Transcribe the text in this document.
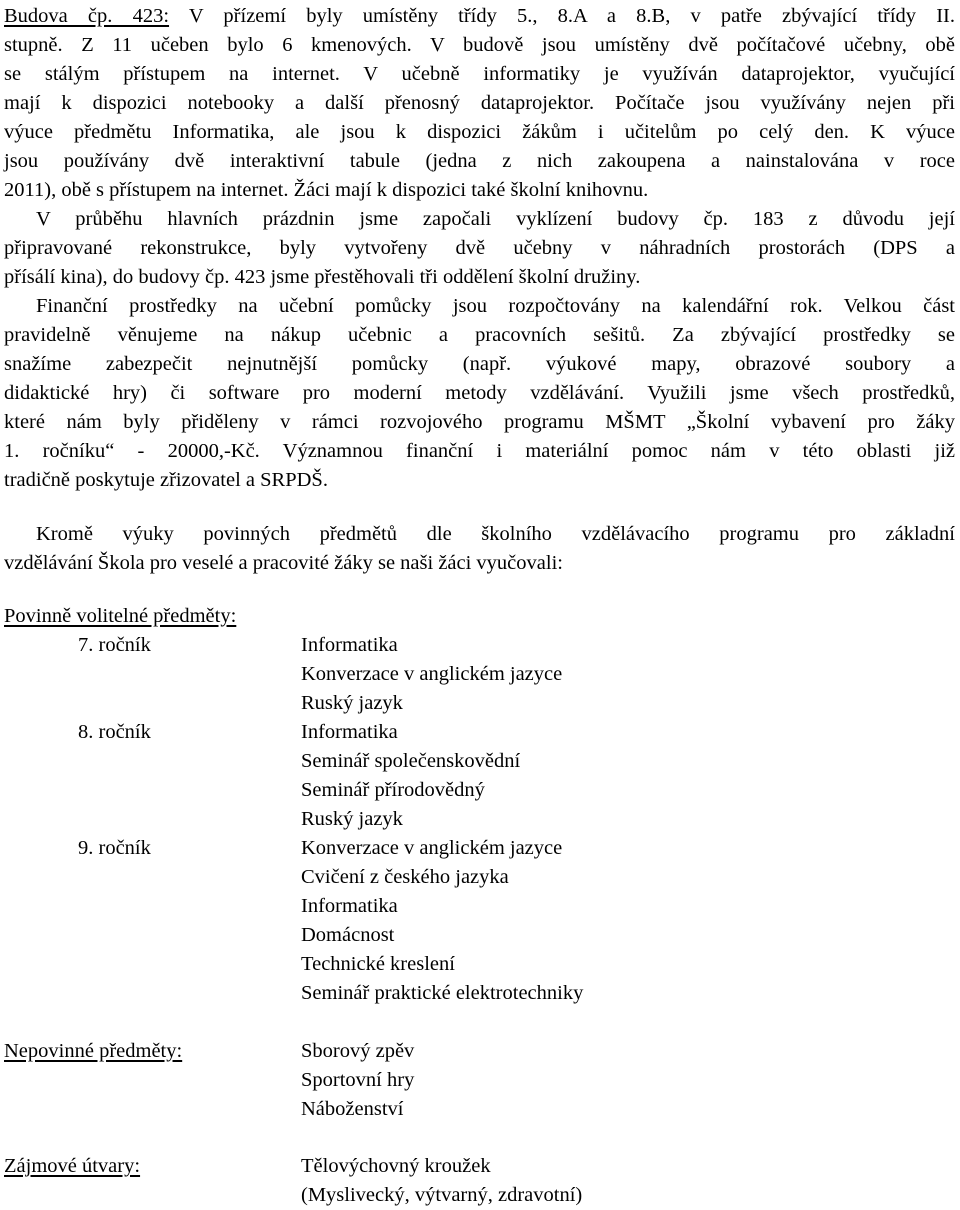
Budova čp. 423: V přízemí byly umístěny třídy 5., 8.A a 8.B, v patře zbývající třídy II.
stupně. Z 11 učeben bylo 6 kmenových. V budově jsou umístěny dvě počítačové učebny, obě
se stálým přístupem na internet. V učebně informatiky je využíván dataprojektor, vyučující
mají k dispozici notebooky a další přenosný dataprojektor. Počítače jsou využívány nejen při
výuce předmětu Informatika, ale jsou k dispozici žákům i učitelům po celý den. K výuce
jsou používány dvě interaktivní tabule (jedna z nich zakoupena a nainstalována v roce
2011), obě s přístupem na internet. Žáci mají k dispozici také školní knihovnu.
V průběhu hlavních prázdnin jsme započali vyklízení budovy čp. 183 z důvodu její
připravované rekonstrukce, byly vytvořeny dvě učebny v náhradních prostorách (DPS a
přísálí kina), do budovy čp. 423 jsme přestěhovali tři oddělení školní družiny.
Finanční prostředky na učební pomůcky jsou rozpočtovány na kalendářní rok. Velkou část
pravidelně věnujeme na nákup učebnic a pracovních sešitů. Za zbývající prostředky se
snažíme zabezpečit nejnutnější pomůcky (např. výukové mapy, obrazové soubory a
didaktické hry) či software pro moderní metody vzdělávání. Využili jsme všech prostředků,
které nám byly přiděleny v rámci rozvojového programu MŠMT „Školní vybavení pro žáky
1. ročníku“ - 20000,-Kč. Významnou finanční i materiální pomoc nám v této oblasti již
tradičně poskytuje zřizovatel a SRPDŠ.
Kromě výuky povinných předmětů dle školního vzdělávacího programu pro základní
vzdělávání Škola pro veselé a pracovité žáky se naši žáci vyučovali:
Povinně volitelné předměty:
7. ročník	Informatika
Konverzace v anglickém jazyce
Ruský jazyk
8. ročník	Informatika
Seminář společenskovědní
Seminář přírodovědný
Ruský jazyk
9. ročník	Konverzace v anglickém jazyce
Cvičení z českého jazyka
Informatika
Domácnost
Technické kreslení
Seminář praktické elektrotechniky
Nepovinné předměty:	Sborový zpěv
Sportovní hry
Náboženství
Zájmové útvary:	Tělovýchovný kroužek
(Myslivecký, výtvarný, zdravotní)
